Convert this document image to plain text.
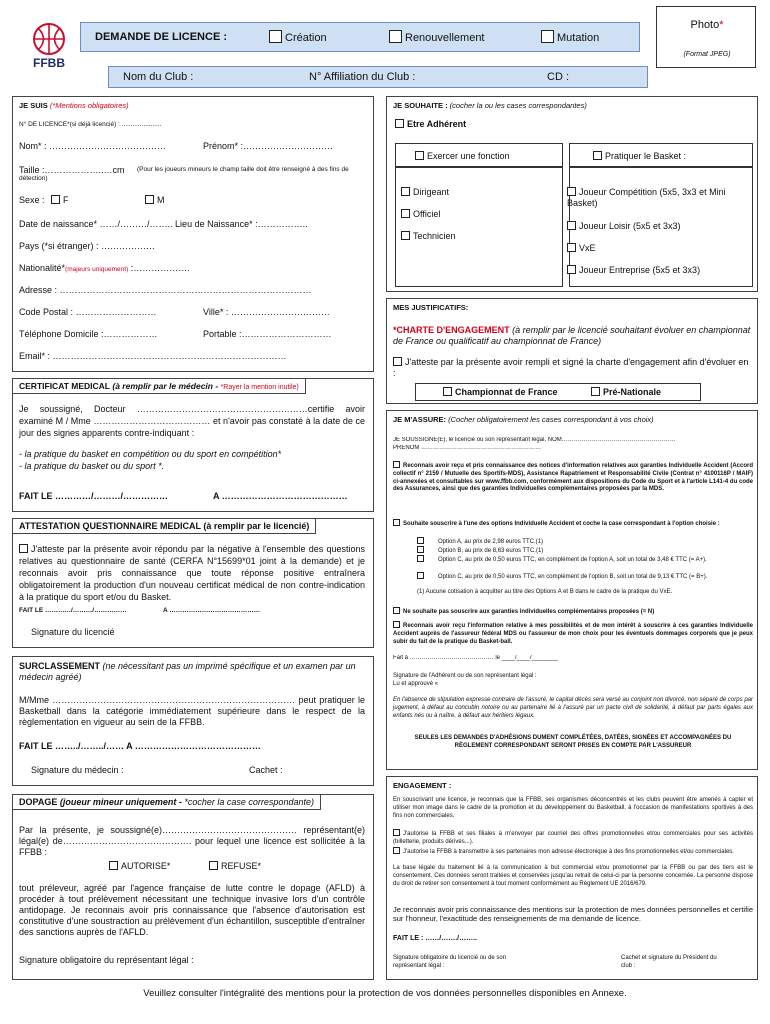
FFBB
DEMANDE DE LICENCE :	Création	Renouvellement	Mutation
Photo*
(Format JPEG)
Nom du Club :	N° Affiliation du Club :	CD :
JE SUIS (*Mentions obligatoires)
N° DE LICENCE*(si déjà licencié) : ......................
Nom* : …………………………………	Prénom* :…………………………
Taille :………………..…cm	(Pour les joueurs mineurs le champ taille doit être renseigné à des fins de détection)
Sexe : F	M
Date de naissance* ……/………/…….. Lieu de Naissance* :……………..
Pays (*si étranger) : ………………
Nationalité*(majeurs uniquement) :……………….
Adresse : …………………………………………………………………………
Code Postal : ………………………	Ville* : ……………………………
Téléphone Domicile :………………	Portable :…………………………
Email* : ……………………………………………………………………
CERTIFICAT MEDICAL (à remplir par le médecin - *Rayer la mention inutile)
Je soussigné, Docteur …………………………………………………certifie avoir examiné M / Mme ………………………………… et n'avoir pas constaté à la date de ce jour des signes apparents contre-indiquant :
- la pratique du basket en compétition ou du sport en compétition*
- la pratique du basket ou du sport *.
FAIT LE …………/………/……………	A ……………………………………
ATTESTATION QUESTIONNAIRE MEDICAL (à remplir par le licencié)
J'atteste par la présente avoir répondu par la négative à l'ensemble des questions relatives au questionnaire de santé (CERFA N°15699*01 joint à la demande) et je reconnais avoir pris connaissance que toute réponse positive entraînera obligatoirement la production d'un nouveau certificat médical de non contre-indication à la pratique du sport et/ou du Basket.
FAIT LE …………/………/……………	A ……………………………………
Signature du licencié
SURCLASSEMENT (ne nécessitant pas un imprimé spécifique et un examen par un médecin agréé)
M/Mme ……………………………………………………………………… peut pratiquer le Basketball dans la catégorie immédiatement supérieure dans le respect de la règlementation en vigueur au sein de la FFBB.
FAIT LE ……../……../…… A ……………………………………
Signature du médecin :	Cachet :
DOPAGE (joueur mineur uniquement - *cocher la case correspondante)
Par la présente, je soussigné(e)……………………………………… représentant(e) légal(e) de……………………………………. pour lequel une licence est sollicitée à la FFBB :
AUTORISE*	REFUSE*
tout préleveur, agréé par l'agence française de lutte contre le dopage (AFLD) à procéder à tout prélèvement nécessitant une technique invasive lors d'un contrôle antidopage. Je reconnais avoir pris connaissance que l'absence d'autorisation est constitutive d'une soustraction au prélèvement d'un échantillon, susceptible d'entraîner des sanctions auprès de l'AFLD.
Signature obligatoire du représentant légal :
JE SOUHAITE : (cocher la ou les cases correspondantes)
Etre Adhérent
Exercer une fonction	Pratiquer le Basket :
Dirigeant
Officiel
Technicien
Joueur Compétition (5x5, 3x3 et Mini Basket)
Joueur Loisir (5x5 et 3x3)
VxE
Joueur Entreprise (5x5 et 3x3)
MES JUSTIFICATIFS:
*CHARTE D'ENGAGEMENT (à remplir par le licencié souhaitant évoluer en championnat de France ou qualificatif au championnat de France)
J'atteste par la présente avoir rempli et signé la charte d'engagement afin d'évoluer en :
Championnat de France	Pré-Nationale
JE M'ASSURE: (Cocher obligatoirement les cases correspondant à vos choix)
JE SOUSSIGNÉ(E), le licencié ou son représentant légal, NOM…………………………………………………
PRÉNOM ……………………………………………………
Reconnais avoir reçu et pris connaissance des notices d'information relatives aux garanties Individuelle Accident (Accord collectif n° 2159 / Mutuelle des Sportifs-MDS), Assistance Rapatriement et Responsabilité Civile (Contrat n° 4100116P / MAIF) ci-annexées et consultables sur www.ffbb.com, conformément aux dispositions du Code du Sport et à l'article L141-4 du code des Assurances, ainsi que des garanties Individuelles complémentaires proposées par la MDS.
Souhaite souscrire à l'une des options Individuelle Accident et coche la case correspondant à l'option choisie :
Option A, au prix de 2,98 euros TTC.(1)
Option B, au prix de 8,63 euros TTC.(1)
Option C, au prix de 0,50 euros TTC, en complément de l'option A, soit un total de 3,48 € TTC (= A+).
Option C, au prix de 0,50 euros TTC, en complément de l'option B, soit un total de 9,13 € TTC (= B+).
(1) Aucune cotisation à acquitter au titre des Options A et B dans le cadre de la pratique du VxE.
Ne souhaite pas souscrire aux garanties individuelles complémentaires proposées (= N)
Reconnais avoir reçu l'information relative à mes possibilités et de mon intérêt à souscrire à ces garanties Individuelle Accident auprès de l'assureur fédéral MDS ou l'assureur de mon choix pour les éventuels dommages corporels que je peux subir du fait de la pratique du Basket-ball.
Fait à …………………………………… le ____/____/________
Signature de l'Adhérent ou de son représentant légal :
Lu et approuvé «
En l'absence de stipulation expresse contraire de l'assuré, le capital décès sera versé au conjoint non divorcé, non séparé de corps par jugement, à défaut au concubin notoire ou au partenaire lié à l'assuré par un pacte civil de solidarité, à défaut par parts égales aux enfants nés ou à naître, à défaut aux héritiers légaux.
SEULES LES DEMANDES D'ADHÉSIONS DUMENT COMPLÉTÉES, DATÉES, SIGNÉES ET ACCOMPAGNÉES DU RÈGLEMENT CORRESPONDANT SERONT PRISES EN COMPTE PAR L'ASSUREUR
ENGAGEMENT :
En souscrivant une licence, je reconnais que la FFBB, ses organismes déconcentrés et les clubs peuvent être amenés à capter et utiliser mon image dans le cadre de la promotion et du développement du Basketball, à l'occasion de manifestations sportives à des fins non commerciales.
J'autorise la FFBB et ses filiales à m'envoyer par courriel des offres promotionnelles et/ou commerciales pour ses activités (billetterie, produits dérivés...).
J'autorise la FFBB à transmettre à ses partenaires mon adresse électronique à des fins promotionnelles et/ou commerciales.
La base légale du traitement lié à la communication à but commercial et/ou promotionnel par la FFBB ou par des tiers est le consentement. Ces données seront traitées et conservées jusqu'au retrait de celui-ci par la personne concernée. La personne dispose du droit de retirer son consentement à tout moment conformément au Règlement UE 2016/679.
Je reconnais avoir pris connaissance des mentions sur la protection de mes données personnelles et certifie sur l'honneur, l'exactitude des renseignements de ma demande de licence.
FAIT LE : ……/……./……..
Signature obligatoire du licencié ou de son représentant légal :
Cachet et signature du Président du club :
Veuillez consulter l'intégralité des mentions pour la protection de vos données personnelles disponibles en Annexe.
